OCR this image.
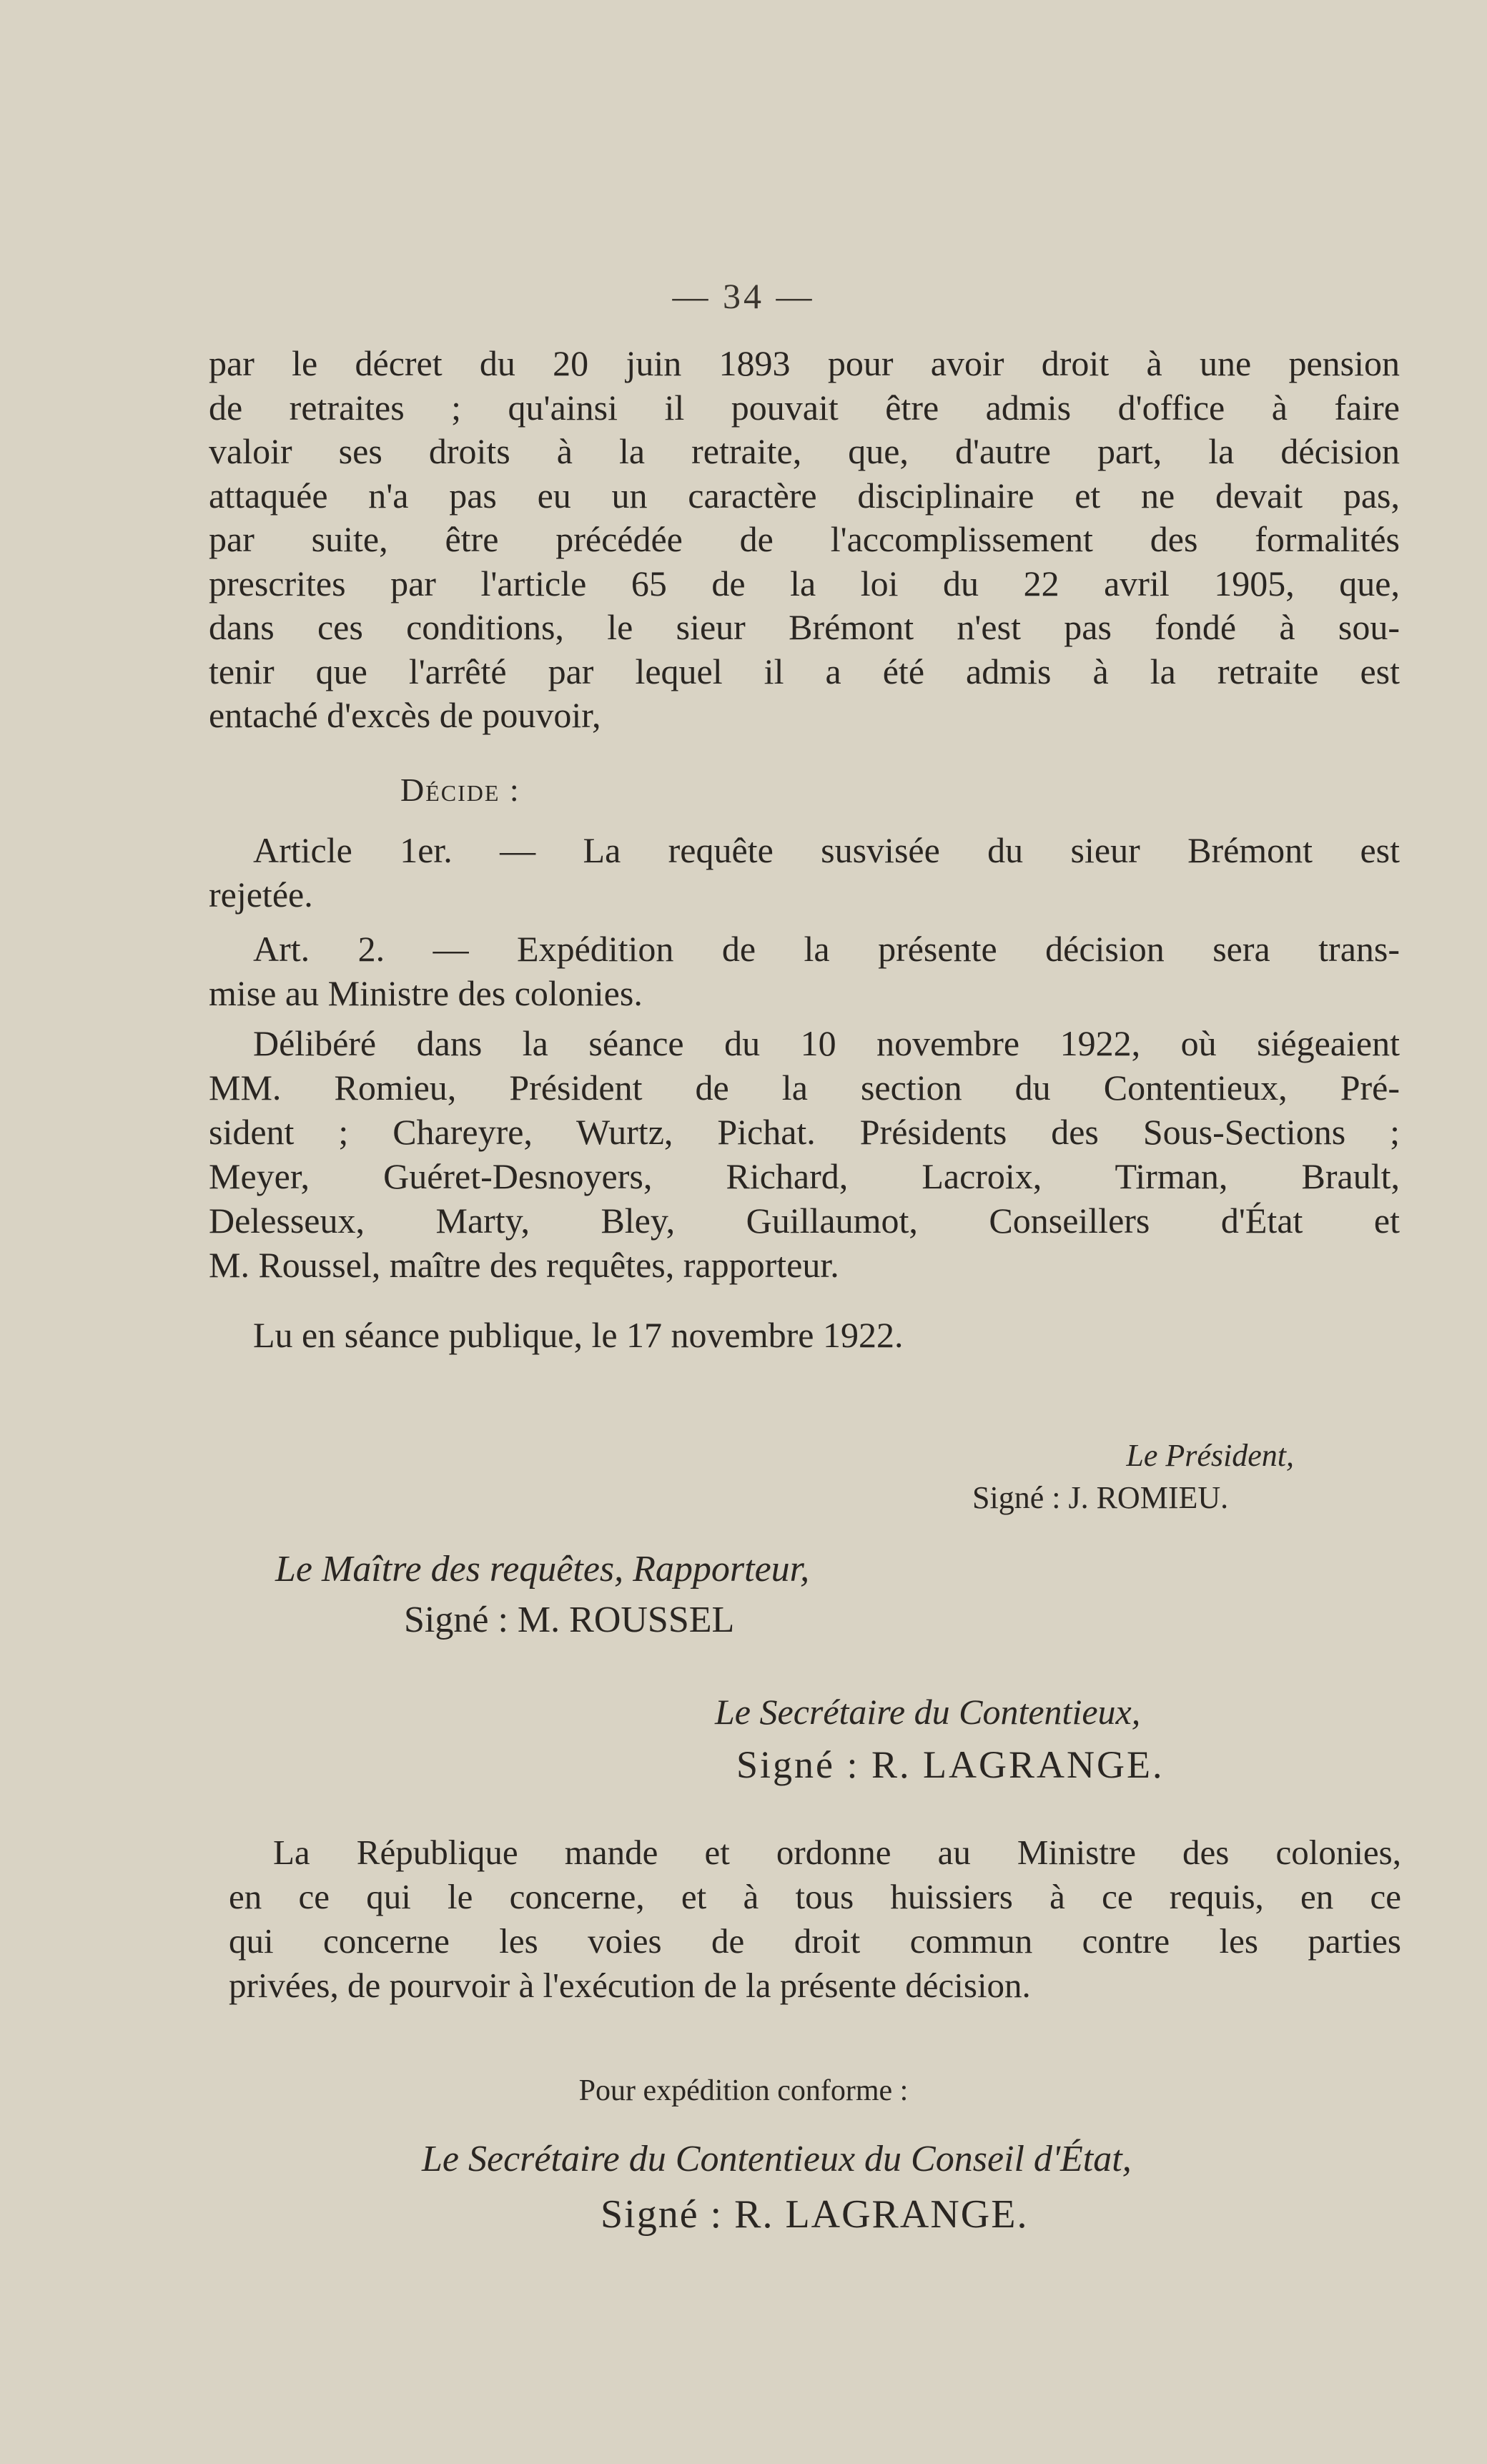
— 34 —
par le décret du 20 juin 1893 pour avoir droit à une pension
de retraites ; qu'ainsi il pouvait être admis d'office à faire
valoir ses droits à la retraite, que, d'autre part, la décision
attaquée n'a pas eu un caractère disciplinaire et ne devait pas,
par suite, être précédée de l'accomplissement des formalités
prescrites par l'article 65 de la loi du 22 avril 1905, que,
dans ces conditions, le sieur Brémont n'est pas fondé à sou-
tenir que l'arrêté par lequel il a été admis à la retraite est
entaché d'excès de pouvoir,
Décide :
Article 1er. — La requête susvisée du sieur Brémont est
rejetée.
Art. 2. — Expédition de la présente décision sera trans-
mise au Ministre des colonies.
Délibéré dans la séance du 10 novembre 1922, où siégeaient
MM. Romieu, Président de la section du Contentieux, Pré-
sident ; Chareyre, Wurtz, Pichat. Présidents des Sous-Sections ;
Meyer, Guéret-Desnoyers, Richard, Lacroix, Tirman, Brault,
Delesseux, Marty, Bley, Guillaumot, Conseillers d'État et
M. Roussel, maître des requêtes, rapporteur.
Lu en séance publique, le 17 novembre 1922.
Le Président,
Signé : J. ROMIEU.
Le Maître des requêtes, Rapporteur,
Signé : M. ROUSSEL
Le Secrétaire du Contentieux,
Signé : R. LAGRANGE.
La République mande et ordonne au Ministre des colonies,
en ce qui le concerne, et à tous huissiers à ce requis, en ce
qui concerne les voies de droit commun contre les parties
privées, de pourvoir à l'exécution de la présente décision.
Pour expédition conforme :
Le Secrétaire du Contentieux du Conseil d'État,
Signé : R. LAGRANGE.
